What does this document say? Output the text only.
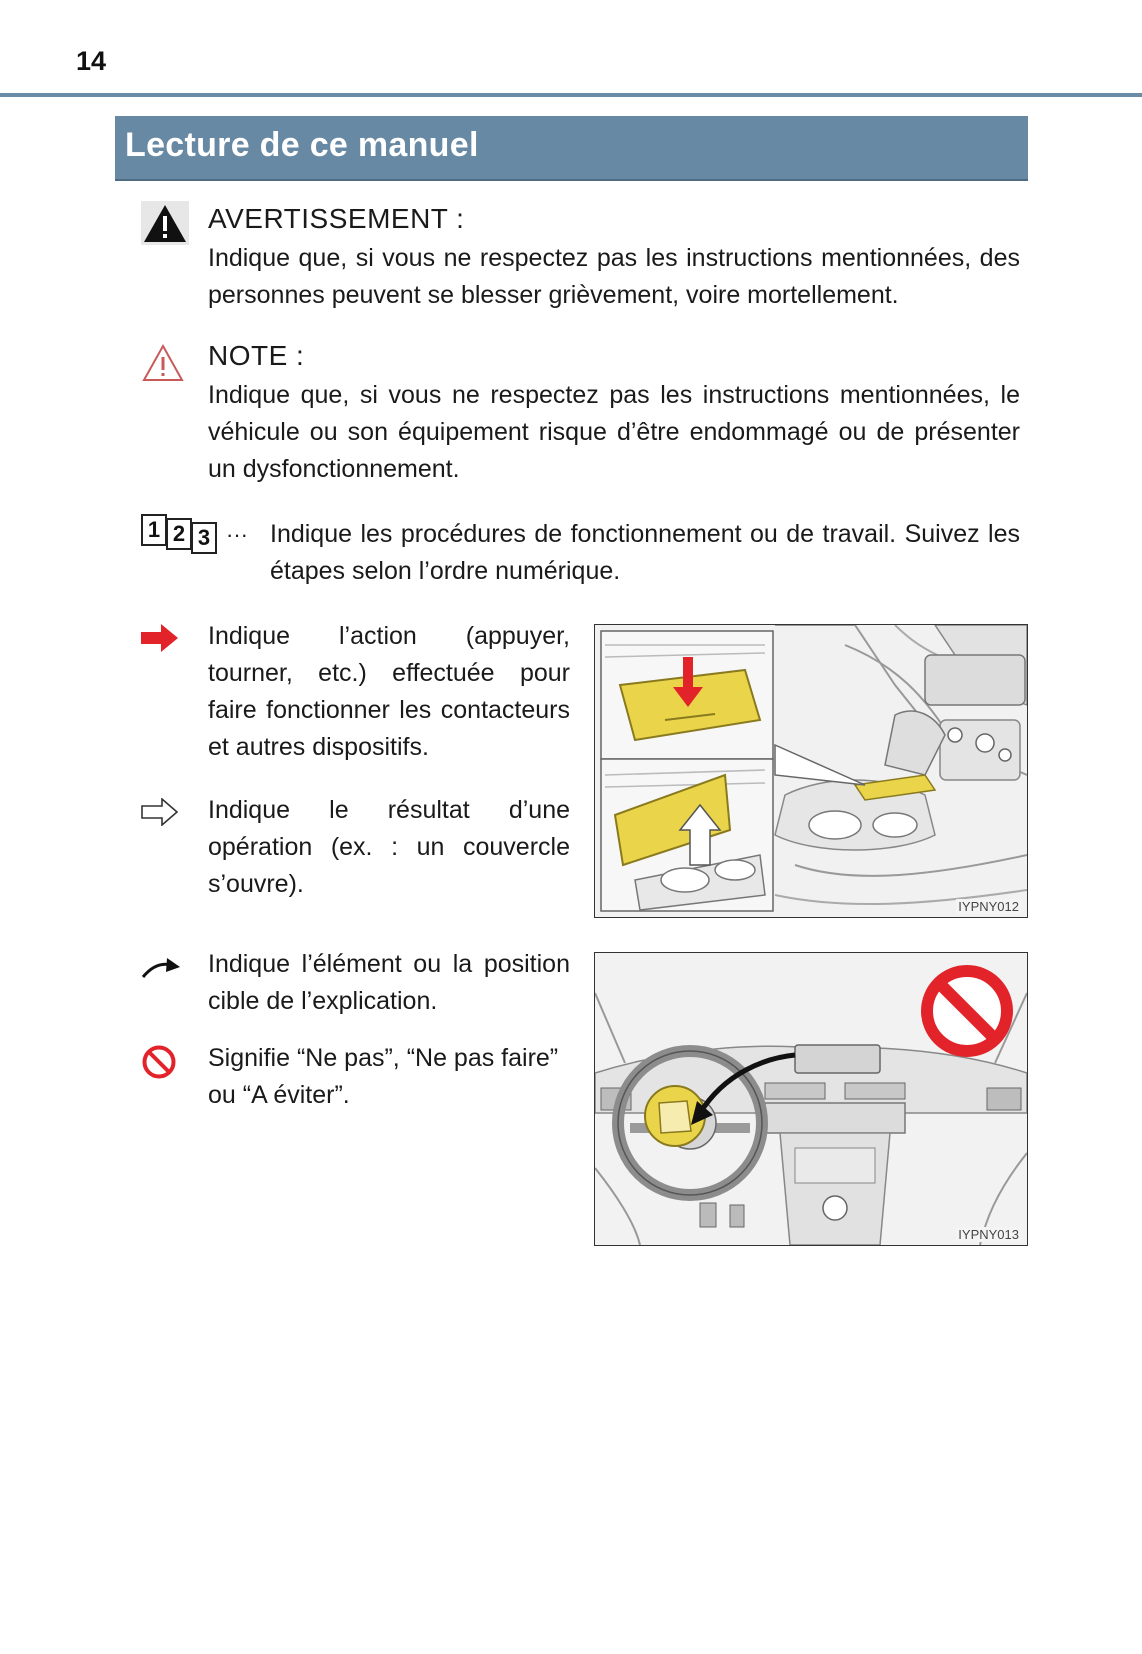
14
Lecture de ce manuel
AVERTISSEMENT :

Indique que, si vous ne respectez pas les instructions mentionnées, des personnes peuvent se blesser grièvement, voire mortellement.

NOTE :

Indique que, si vous ne respectez pas les instructions mentionnées, le véhicule ou son équipement risque d’être endommagé ou de présenter un dysfonctionnement.

1 2 3 ··· Indique les procédures de fonctionnement ou de travail. Suivez les étapes selon l’ordre numérique.

Indique l’action (appuyer, tourner, etc.) effectuée pour faire fonctionner les contacteurs et autres dispositifs.

Indique le résultat d’une opération (ex. : un couvercle s’ouvre).

IYPNY012

Indique l’élément ou la position cible de l’explication.

Signifie “Ne pas”, “Ne pas faire” ou “A éviter”.

IYPNY013
